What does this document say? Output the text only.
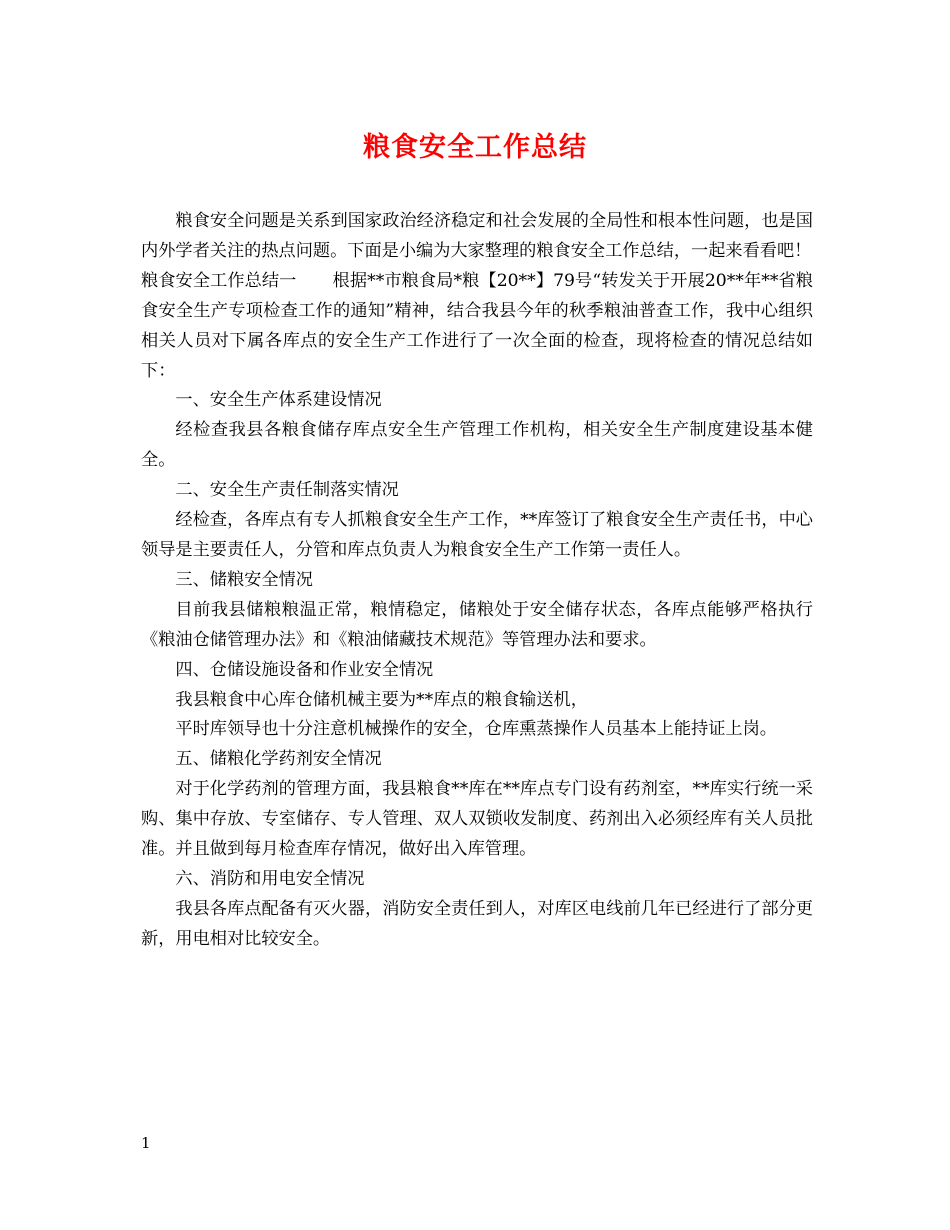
粮食安全工作总结

粮食安全问题是关系到国家政治经济稳定和社会发展的全局性和根本性问题，也是国内外学者关注的热点问题。下面是小编为大家整理的粮食安全工作总结，一起来看看吧！

粮食安全工作总结一 根据**市粮食局*粮【20**】79号“转发关于开展20**年**省粮食安全生产专项检查工作的通知”精神，结合我县今年的秋季粮油普查工作，我中心组织相关人员对下属各库点的安全生产工作进行了一次全面的检查，现将检查的情况总结如下：

一、安全生产体系建设情况

经检查我县各粮食储存库点安全生产管理工作机构，相关安全生产制度建设基本健全。

二、安全生产责任制落实情况

经检查，各库点有专人抓粮食安全生产工作，**库签订了粮食安全生产责任书，中心领导是主要责任人，分管和库点负责人为粮食安全生产工作第一责任人。

三、储粮安全情况

目前我县储粮粮温正常，粮情稳定，储粮处于安全储存状态，各库点能够严格执行《粮油仓储管理办法》和《粮油储藏技术规范》等管理办法和要求。

四、仓储设施设备和作业安全情况

我县粮食中心库仓储机械主要为**库点的粮食输送机，

平时库领导也十分注意机械操作的安全，仓库熏蒸操作人员基本上能持证上岗。

五、储粮化学药剂安全情况

对于化学药剂的管理方面，我县粮食**库在**库点专门设有药剂室，**库实行统一采购、集中存放、专室储存、专人管理、双人双锁收发制度、药剂出入必须经库有关人员批准。并且做到每月检查库存情况，做好出入库管理。

六、消防和用电安全情况

我县各库点配备有灭火器，消防安全责任到人，对库区电线前几年已经进行了部分更新，用电相对比较安全。

1
